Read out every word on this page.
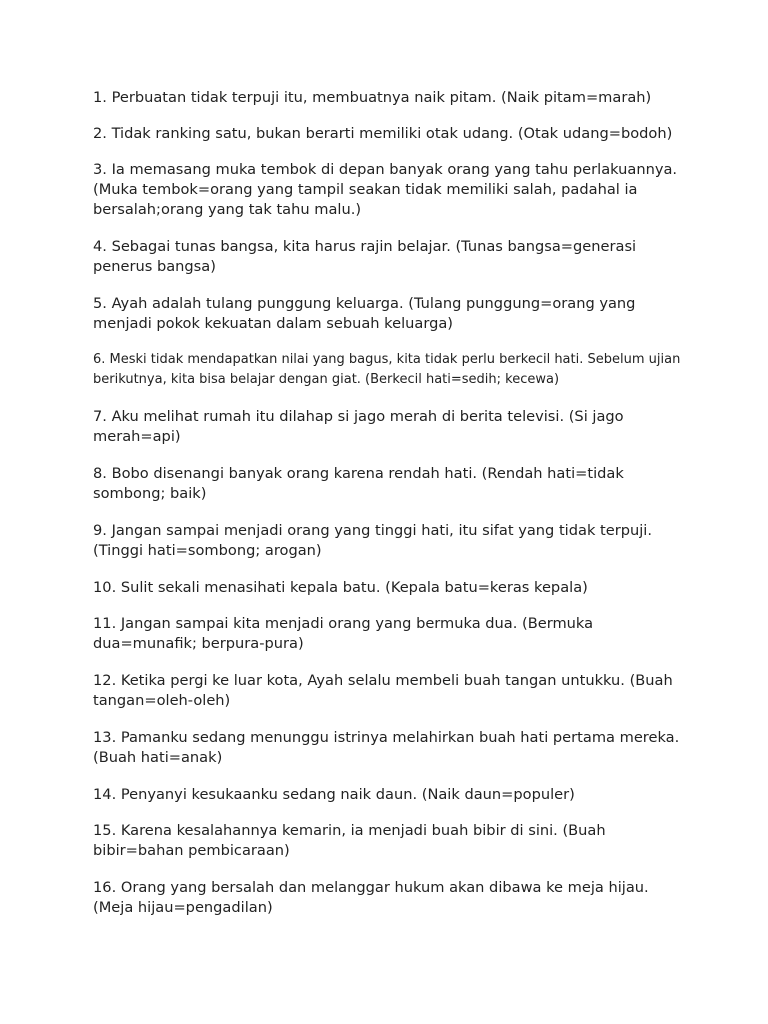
1. Perbuatan tidak terpuji itu, membuatnya naik pitam. (Naik pitam=marah)

2. Tidak ranking satu, bukan berarti memiliki otak udang. (Otak udang=bodoh)

3. Ia memasang muka tembok di depan banyak orang yang tahu perlakuannya. (Muka tembok=orang yang tampil seakan tidak memiliki salah, padahal ia bersalah;orang yang tak tahu malu.)

4. Sebagai tunas bangsa, kita harus rajin belajar. (Tunas bangsa=generasi penerus bangsa)

5. Ayah adalah tulang punggung keluarga. (Tulang punggung=orang yang menjadi pokok kekuatan dalam sebuah keluarga)

6. Meski tidak mendapatkan nilai yang bagus, kita tidak perlu berkecil hati. Sebelum ujian berikutnya, kita bisa belajar dengan giat. (Berkecil hati=sedih; kecewa)

7. Aku melihat rumah itu dilahap si jago merah di berita televisi. (Si jago merah=api)

8. Bobo disenangi banyak orang karena rendah hati. (Rendah hati=tidak sombong; baik)

9. Jangan sampai menjadi orang yang tinggi hati, itu sifat yang tidak terpuji. (Tinggi hati=sombong; arogan)

10. Sulit sekali menasihati kepala batu. (Kepala batu=keras kepala)

11. Jangan sampai kita menjadi orang yang bermuka dua. (Bermuka dua=munafik; berpura-pura)

12. Ketika pergi ke luar kota, Ayah selalu membeli buah tangan untukku. (Buah tangan=oleh-oleh)

13. Pamanku sedang menunggu istrinya melahirkan buah hati pertama mereka. (Buah hati=anak)

14. Penyanyi kesukaanku sedang naik daun. (Naik daun=populer)

15. Karena kesalahannya kemarin, ia menjadi buah bibir di sini. (Buah bibir=bahan pembicaraan)

16. Orang yang bersalah dan melanggar hukum akan dibawa ke meja hijau. (Meja hijau=pengadilan)
